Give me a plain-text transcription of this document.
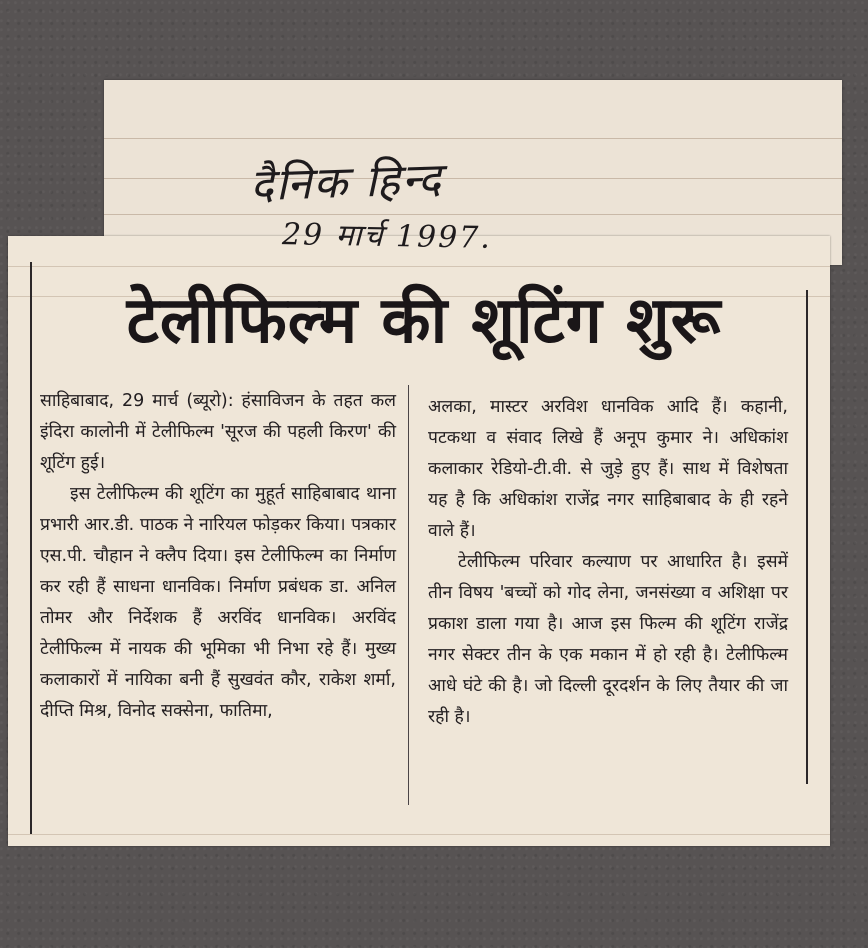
दैनिक हिन्द
29 मार्च 1997.
टेलीफिल्म की शूटिंग शुरू

साहिबाबाद, 29 मार्च (ब्यूरो): हंसाविजन के तहत कल इंदिरा कालोनी में टेलीफिल्म 'सूरज की पहली किरण' की शूटिंग हुई।

इस टेलीफिल्म की शूटिंग का मुहूर्त साहिबाबाद थाना प्रभारी आर.डी. पाठक ने नारियल फोड़कर किया। पत्रकार एस.पी. चौहान ने क्लैप दिया। इस टेलीफिल्म का निर्माण कर रही हैं साधना धानविक। निर्माण प्रबंधक डा. अनिल तोमर और निर्देशक हैं अरविंद धानविक। अरविंद टेलीफिल्म में नायक की भूमिका भी निभा रहे हैं। मुख्य कलाकारों में नायिका बनी हैं सुखवंत कौर, राकेश शर्मा, दीप्ति मिश्र, विनोद सक्सेना, फातिमा,

अलका, मास्टर अरविश धानविक आदि हैं। कहानी, पटकथा व संवाद लिखे हैं अनूप कुमार ने। अधिकांश कलाकार रेडियो-टी.वी. से जुड़े हुए हैं। साथ में विशेषता यह है कि अधिकांश राजेंद्र नगर साहिबाबाद के ही रहने वाले हैं।

टेलीफिल्म परिवार कल्याण पर आधारित है। इसमें तीन विषय 'बच्चों को गोद लेना, जनसंख्या व अशिक्षा पर प्रकाश डाला गया है। आज इस फिल्म की शूटिंग राजेंद्र नगर सेक्टर तीन के एक मकान में हो रही है। टेलीफिल्म आधे घंटे की है। जो दिल्ली दूरदर्शन के लिए तैयार की जा रही है।
